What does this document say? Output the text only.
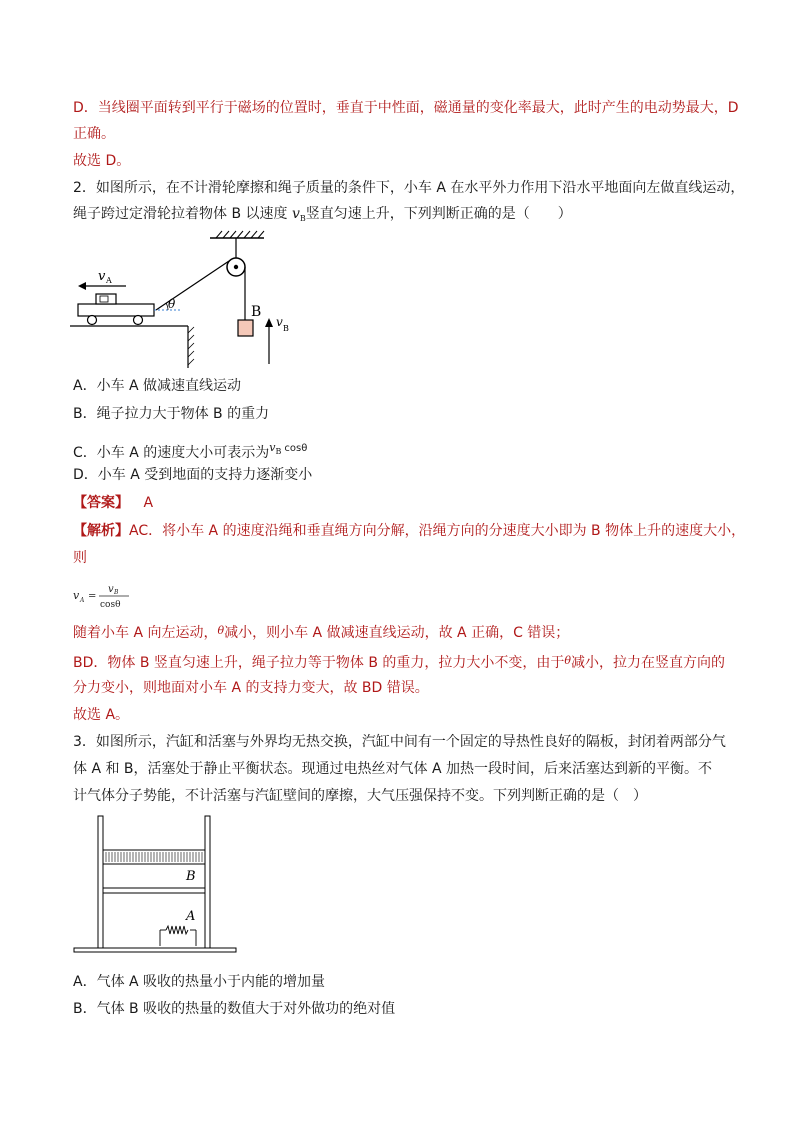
D．当线圈平面转到平行于磁场的位置时，垂直于中性面，磁通量的变化率最大，此时产生的电动势最大，D
正确。
故选 D。
2．如图所示，在不计滑轮摩擦和绳子质量的条件下，小车 A 在水平外力作用下沿水平地面向左做直线运动，
绳子跨过定滑轮拉着物体 B 以速度 $v_B$竖直匀速上升，下列判断正确的是（　　）
v A
θ	B
v B
A．小车 A 做减速直线运动
B．绳子拉力大于物体 B 的重力
C．小车 A 的速度大小可表示为$^{vB}$ $^{cos\theta}$
D．小车 A 受到地面的支持力逐渐变小
【答案】 A
【解析】AC．将小车 A 的速度沿绳和垂直绳方向分解，沿绳方向的分速度大小即为 B 物体上升的速度大小，
则
v A =
v B
cosθ
随着小车 A 向左运动，$^\theta$减小，则小车 A 做减速直线运动，故 A 正确，C 错误；
BD．物体 B 竖直匀速上升，绳子拉力等于物体 B 的重力，拉力大小不变，由于$^\theta$减小，拉力在竖直方向的
分力变小，则地面对小车 A 的支持力变大，故 BD 错误。
故选 A。
3．如图所示，汽缸和活塞与外界均无热交换，汽缸中间有一个固定的导热性良好的隔板，封闭着两部分气
体 A 和 B，活塞处于静止平衡状态。现通过电热丝对气体 A 加热一段时间，后来活塞达到新的平衡。不
计气体分子势能，不计活塞与汽缸壁间的摩擦，大气压强保持不变。下列判断正确的是（　）
B
A
A．气体 A 吸收的热量小于内能的增加量
B．气体 B 吸收的热量的数值大于对外做功的绝对值
